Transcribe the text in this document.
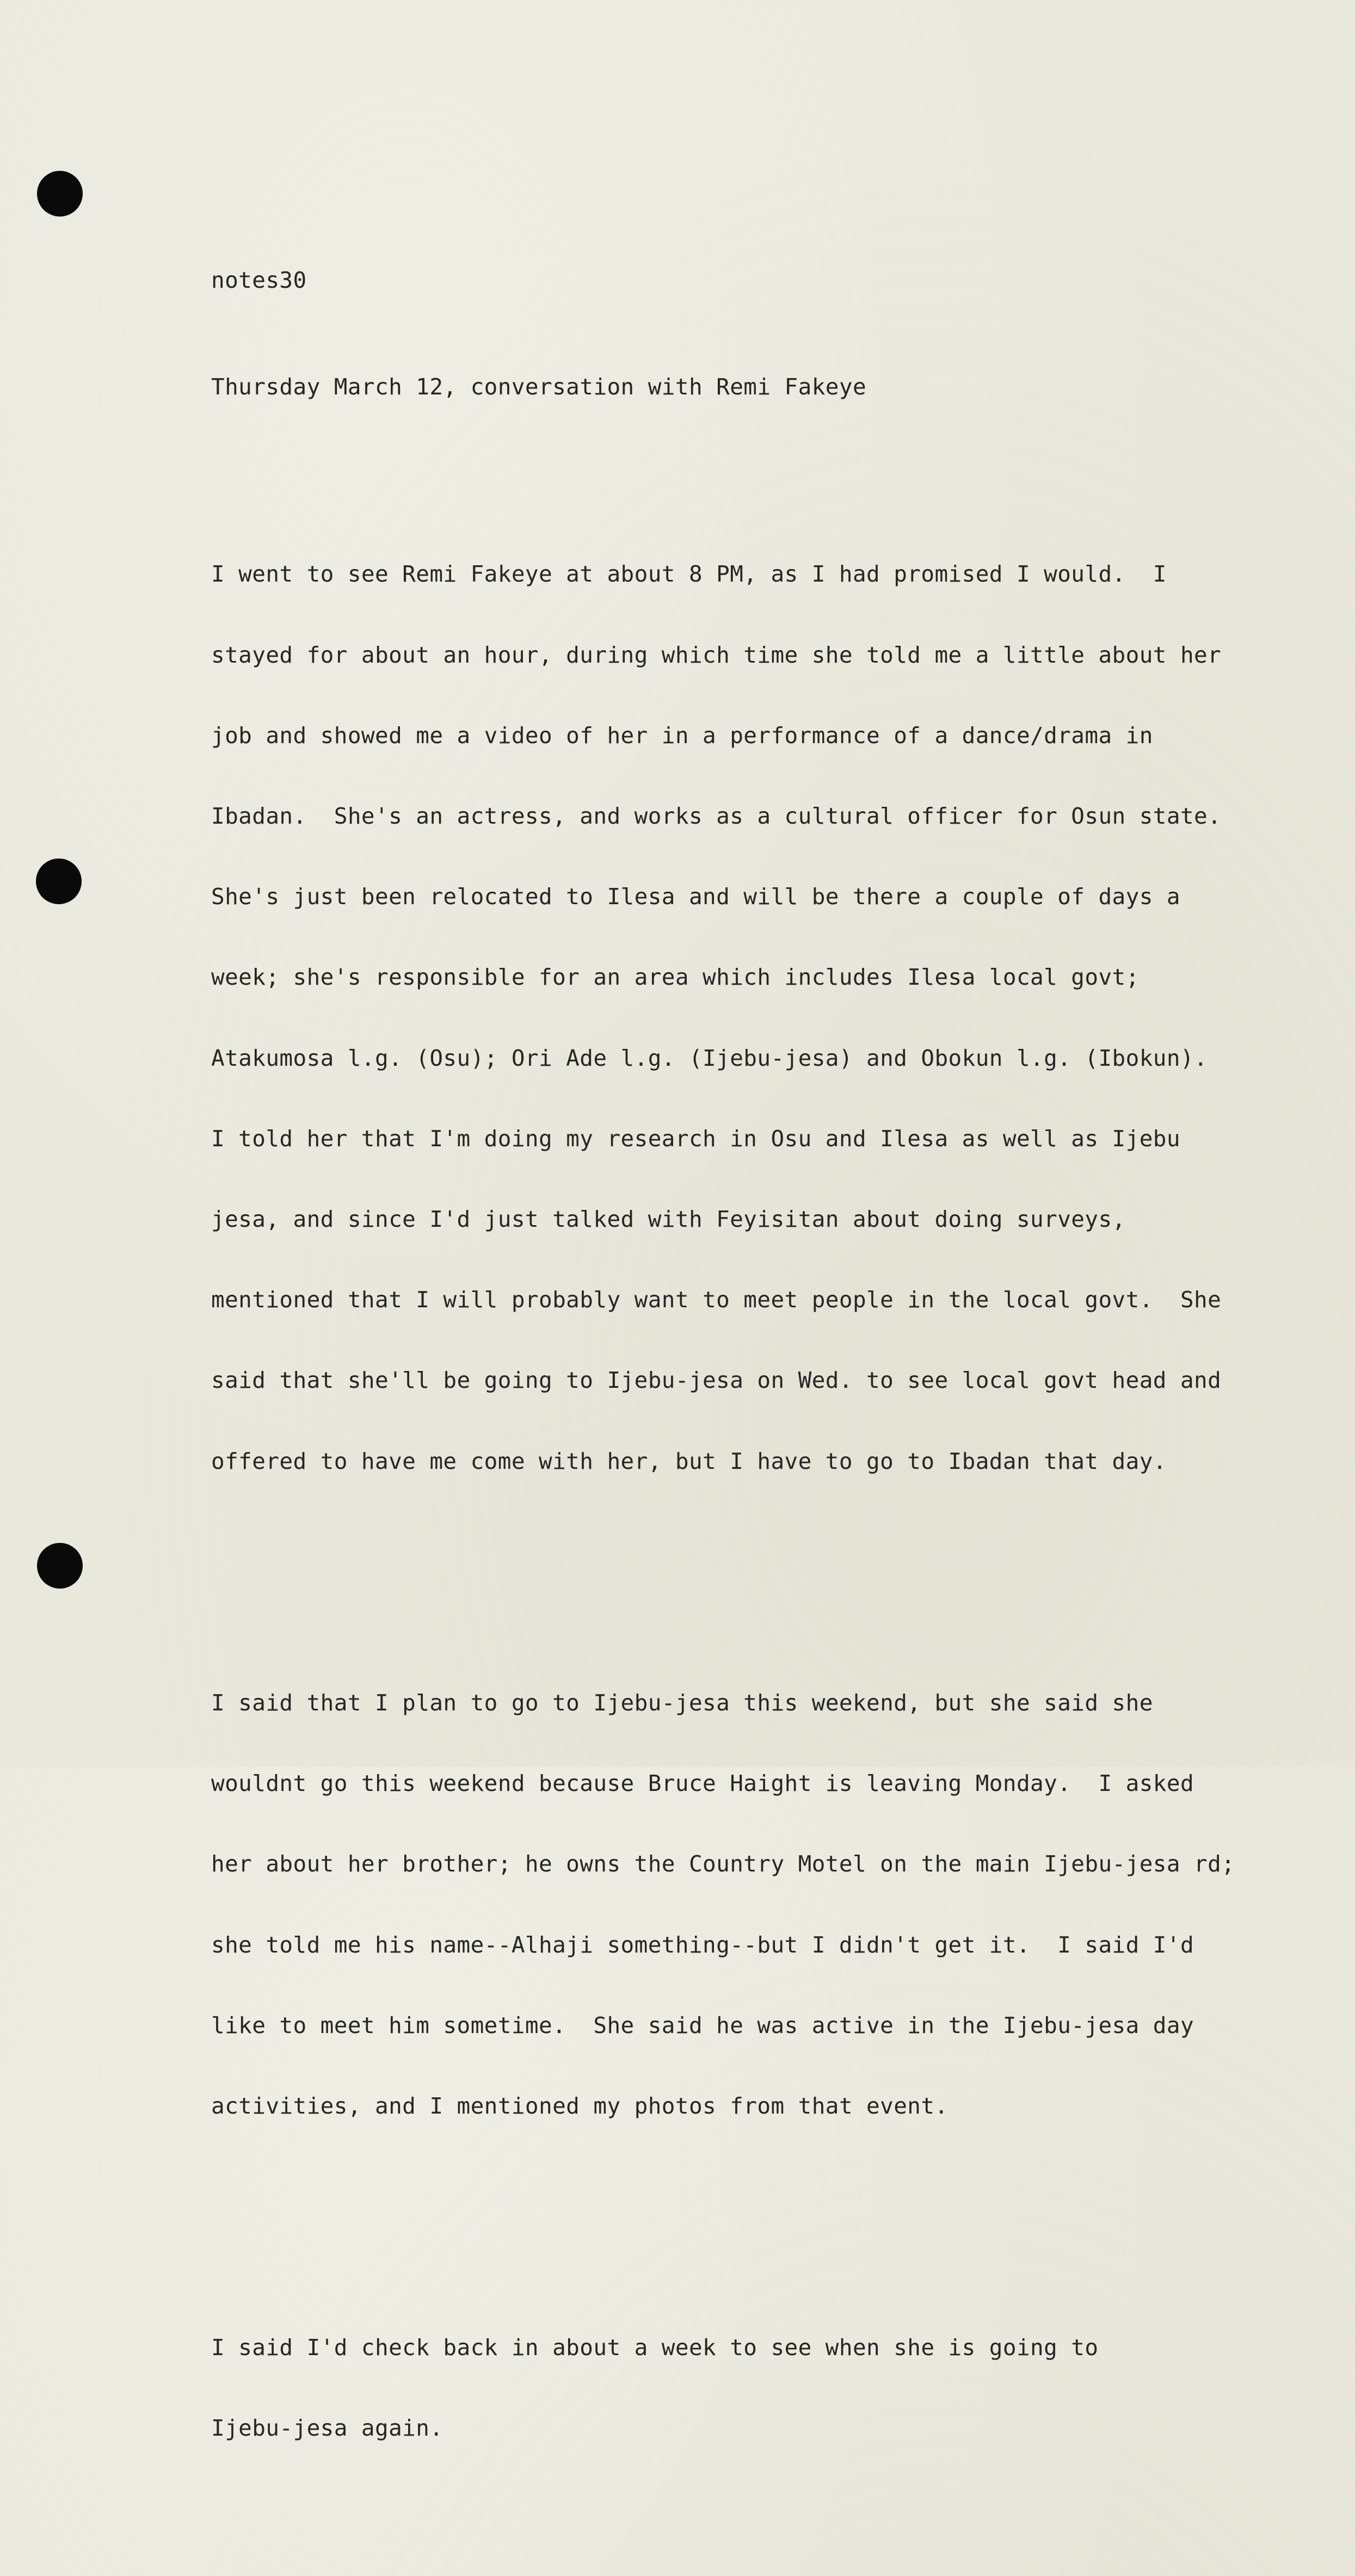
notes30

Thursday March 12, conversation with Remi Fakeye

I went to see Remi Fakeye at about 8 PM, as I had promised I would.  I

stayed for about an hour, during which time she told me a little about her

job and showed me a video of her in a performance of a dance/drama in

Ibadan.  She's an actress, and works as a cultural officer for Osun state.

She's just been relocated to Ilesa and will be there a couple of days a

week; she's responsible for an area which includes Ilesa local govt;

Atakumosa l.g. (Osu); Ori Ade l.g. (Ijebu-jesa) and Obokun l.g. (Ibokun).

I told her that I'm doing my research in Osu and Ilesa as well as Ijebu

jesa, and since I'd just talked with Feyisitan about doing surveys,

mentioned that I will probably want to meet people in the local govt.  She

said that she'll be going to Ijebu-jesa on Wed. to see local govt head and

offered to have me come with her, but I have to go to Ibadan that day.

I said that I plan to go to Ijebu-jesa this weekend, but she said she

wouldnt go this weekend because Bruce Haight is leaving Monday.  I asked

her about her brother; he owns the Country Motel on the main Ijebu-jesa rd;

she told me his name--Alhaji something--but I didn't get it.  I said I'd

like to meet him sometime.  She said he was active in the Ijebu-jesa day

activities, and I mentioned my photos from that event.

I said I'd check back in about a week to see when she is going to

Ijebu-jesa again.
